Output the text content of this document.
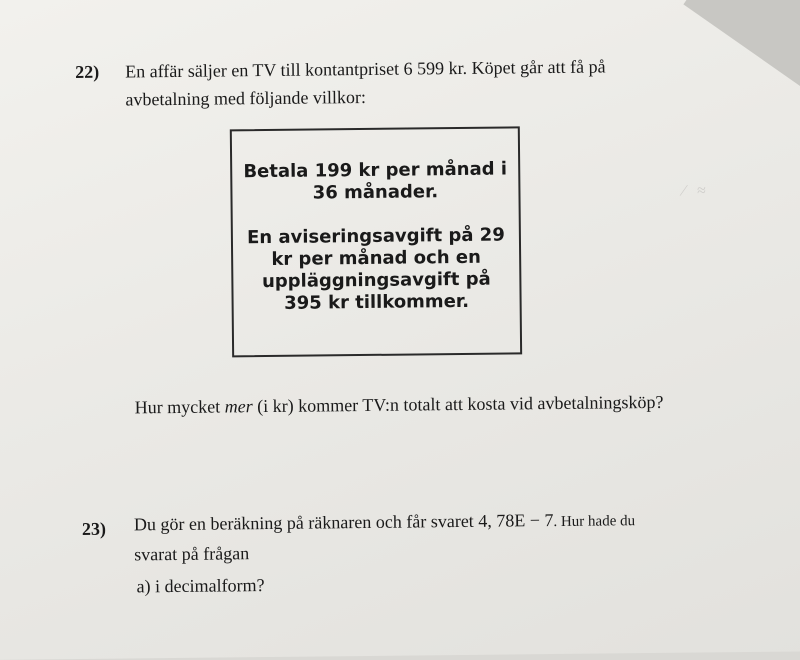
22) En affär säljer en TV till kontantpriset 6 599 kr. Köpet går att få på
avbetalning med följande villkor:
Betala 199 kr per månad i 36 månader.
En aviseringsavgift på 29 kr per månad och en uppläggningsavgift på 395 kr tillkommer.
Hur mycket mer (i kr) kommer TV:n totalt att kosta vid avbetalningsköp?
23) Du gör en beräkning på räknaren och får svaret 4, 78E − 7. Hur hade du
svarat på frågan
a) i decimalform?
⁄   ≈
